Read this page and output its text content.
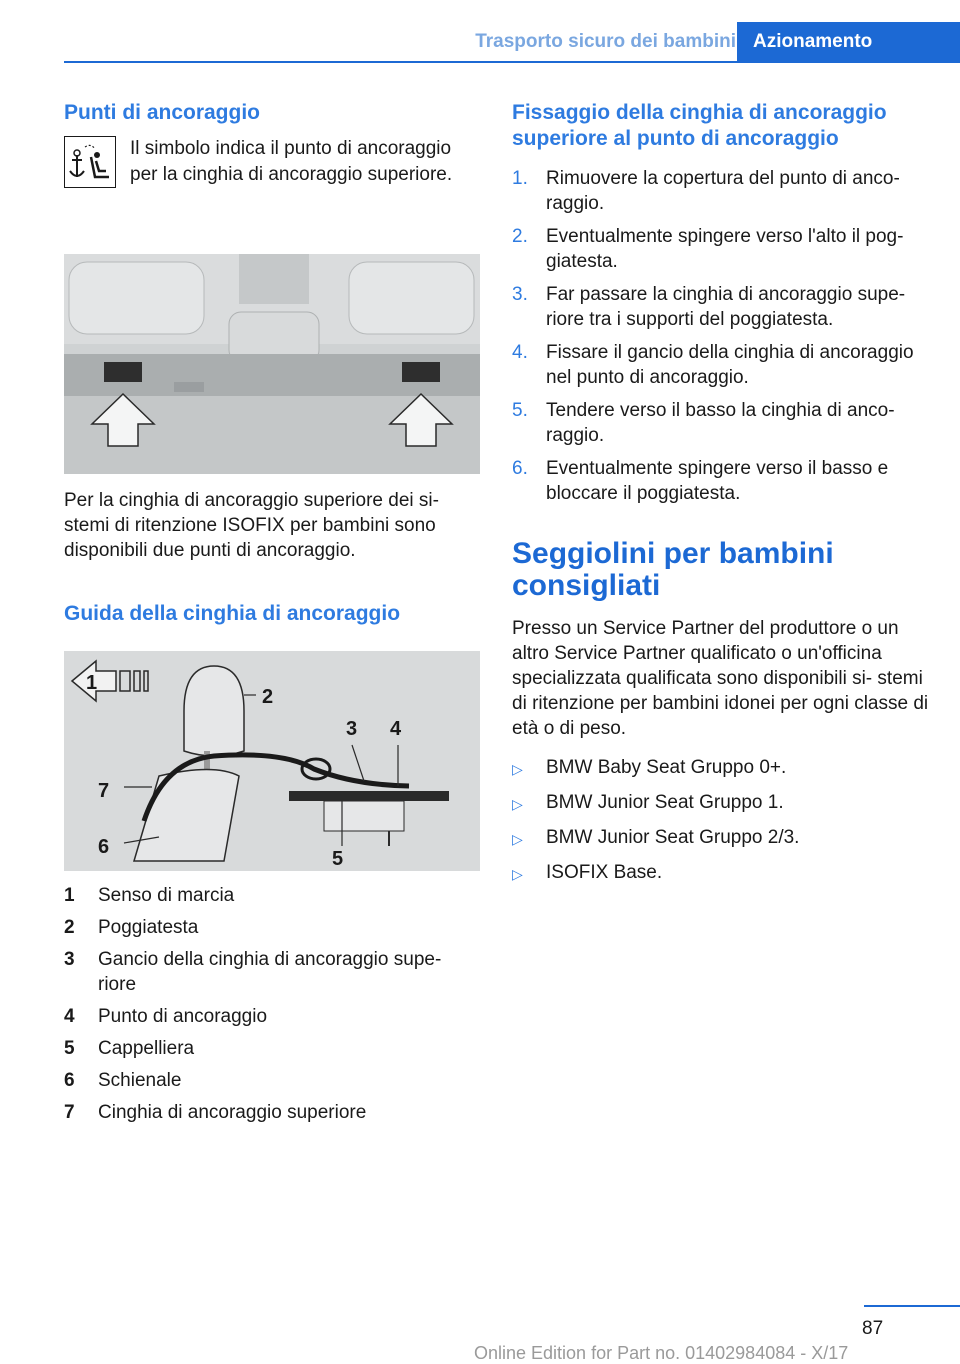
Trasporto sicuro dei bambini Azionamento
Punti di ancoraggio
Il simbolo indica il punto di ancoraggio per la cinghia di ancoraggio superiore.

Per la cinghia di ancoraggio superiore dei si‐ stemi di ritenzione ISOFIX per bambini sono disponibili due punti di ancoraggio.

Guida della cinghia di ancoraggio
1
2
3 4
5
6
7
1	Senso di marcia
2	Poggiatesta
3	Gancio della cinghia di ancoraggio supe‐ riore
4	Punto di ancoraggio
5	Cappelliera
6	Schienale
7	Cinghia di ancoraggio superiore
Fissaggio della cinghia di ancoraggio superiore al punto di ancoraggio
1. Rimuovere la copertura del punto di anco‐ raggio.
2. Eventualmente spingere verso l'alto il pog‐ giatesta.
3. Far passare la cinghia di ancoraggio supe‐ riore tra i supporti del poggiatesta.
4. Fissare il gancio della cinghia di ancoraggio nel punto di ancoraggio.
5. Tendere verso il basso la cinghia di anco‐ raggio.
6. Eventualmente spingere verso il basso e bloccare il poggiatesta.
Seggiolini per bambini consigliati

Presso un Service Partner del produttore o un altro Service Partner qualificato o un'officina specializzata qualificata sono disponibili si‐ stemi di ritenzione per bambini idonei per ogni classe di età o di peso.

▷	BMW Baby Seat Gruppo 0+.
▷	BMW Junior Seat Gruppo 1.
▷	BMW Junior Seat Gruppo 2/3.
▷	ISOFIX Base.
87
Online Edition for Part no. 01402984084 - X/17
